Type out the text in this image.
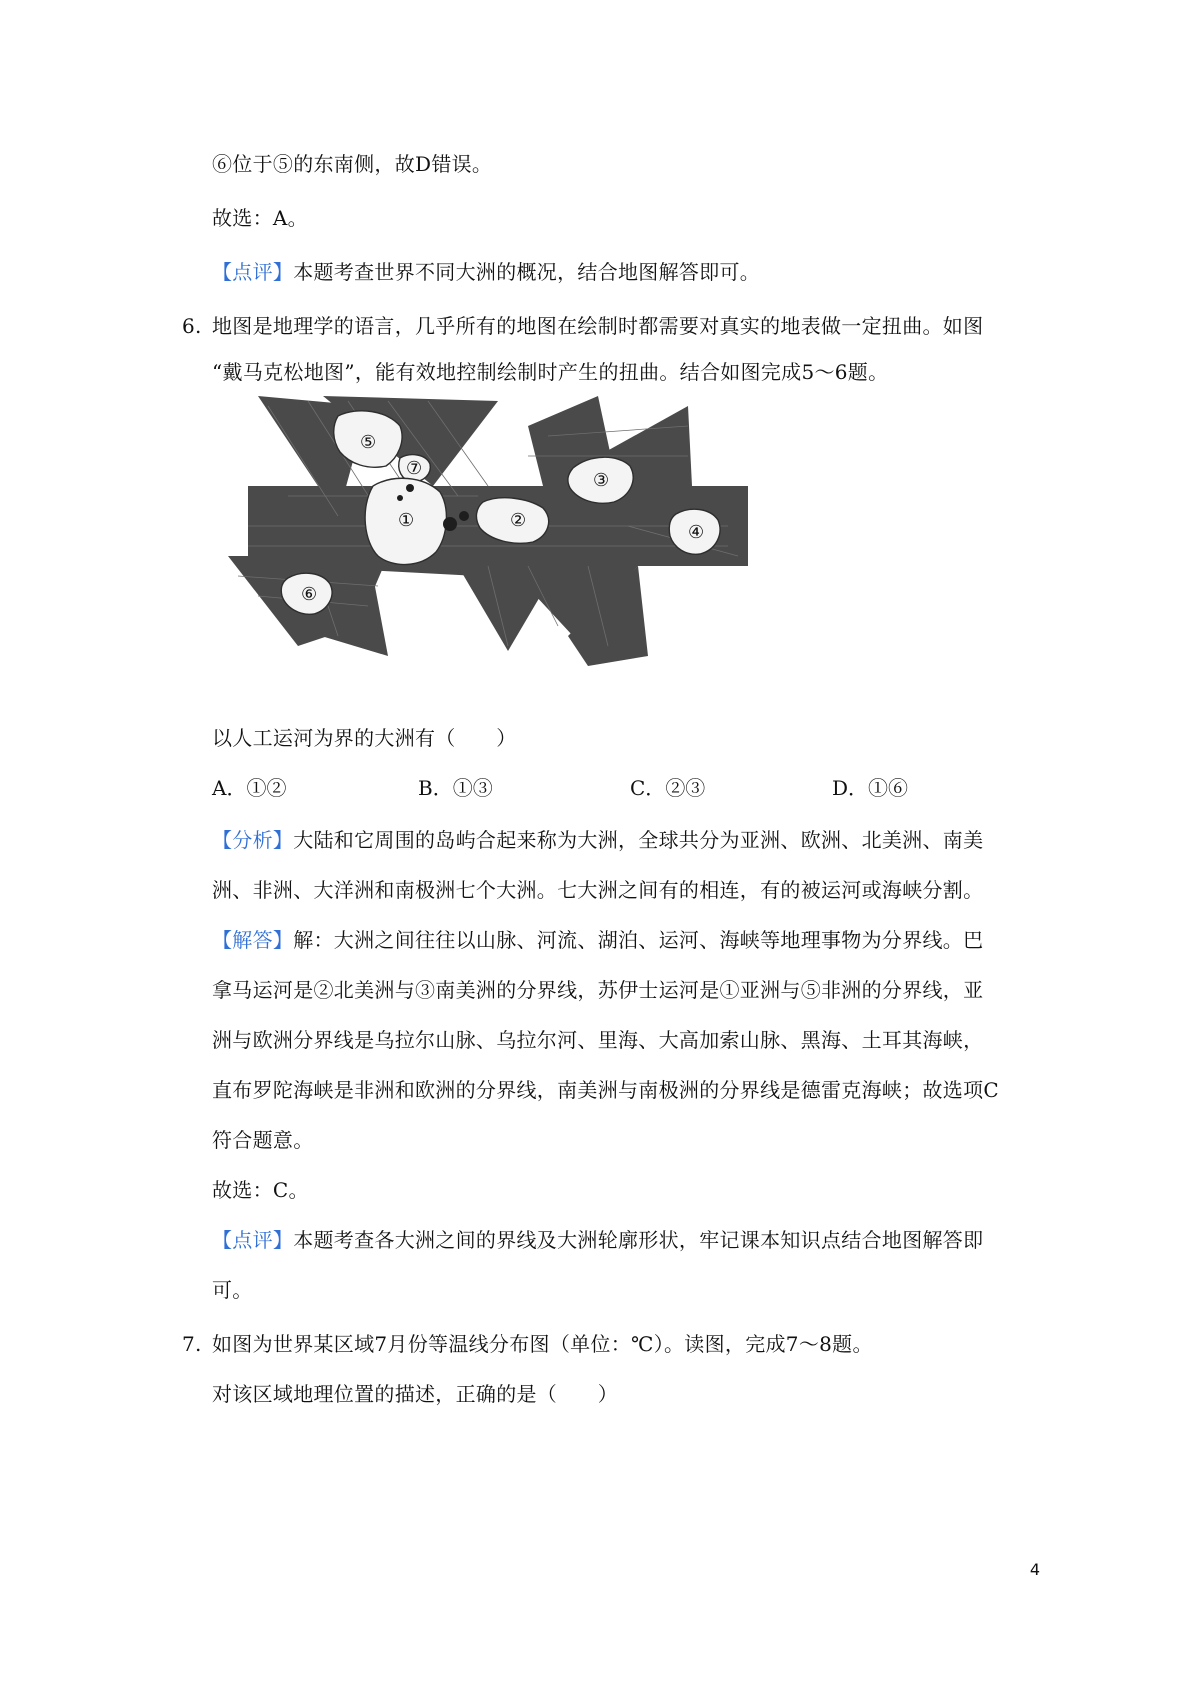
⑥位于⑤的东南侧，故D错误。
故选：A。
【点评】本题考查世界不同大洲的概况，结合地图解答即可。
6. 地图是地理学的语言，几乎所有的地图在绘制时都需要对真实的地表做一定扭曲。如图
“戴马克松地图”，能有效地控制绘制时产生的扭曲。结合如图完成5～6题。
⑤
⑦
①	②
③
④
⑥
以人工运河为界的大洲有（　　）
A．①②	B．①③	C．②③	D．①⑥
【分析】大陆和它周围的岛屿合起来称为大洲，全球共分为亚洲、欧洲、北美洲、南美
洲、非洲、大洋洲和南极洲七个大洲。七大洲之间有的相连，有的被运河或海峡分割。
【解答】解：大洲之间往往以山脉、河流、湖泊、运河、海峡等地理事物为分界线。巴
拿马运河是②北美洲与③南美洲的分界线，苏伊士运河是①亚洲与⑤非洲的分界线，亚
洲与欧洲分界线是乌拉尔山脉、乌拉尔河、里海、大高加索山脉、黑海、土耳其海峡，
直布罗陀海峡是非洲和欧洲的分界线，南美洲与南极洲的分界线是德雷克海峡；故选项C
符合题意。
故选：C。
【点评】本题考查各大洲之间的界线及大洲轮廓形状，牢记课本知识点结合地图解答即
可。
7. 如图为世界某区域7月份等温线分布图（单位：℃）。读图，完成7～8题。
对该区域地理位置的描述，正确的是（　　）
4
